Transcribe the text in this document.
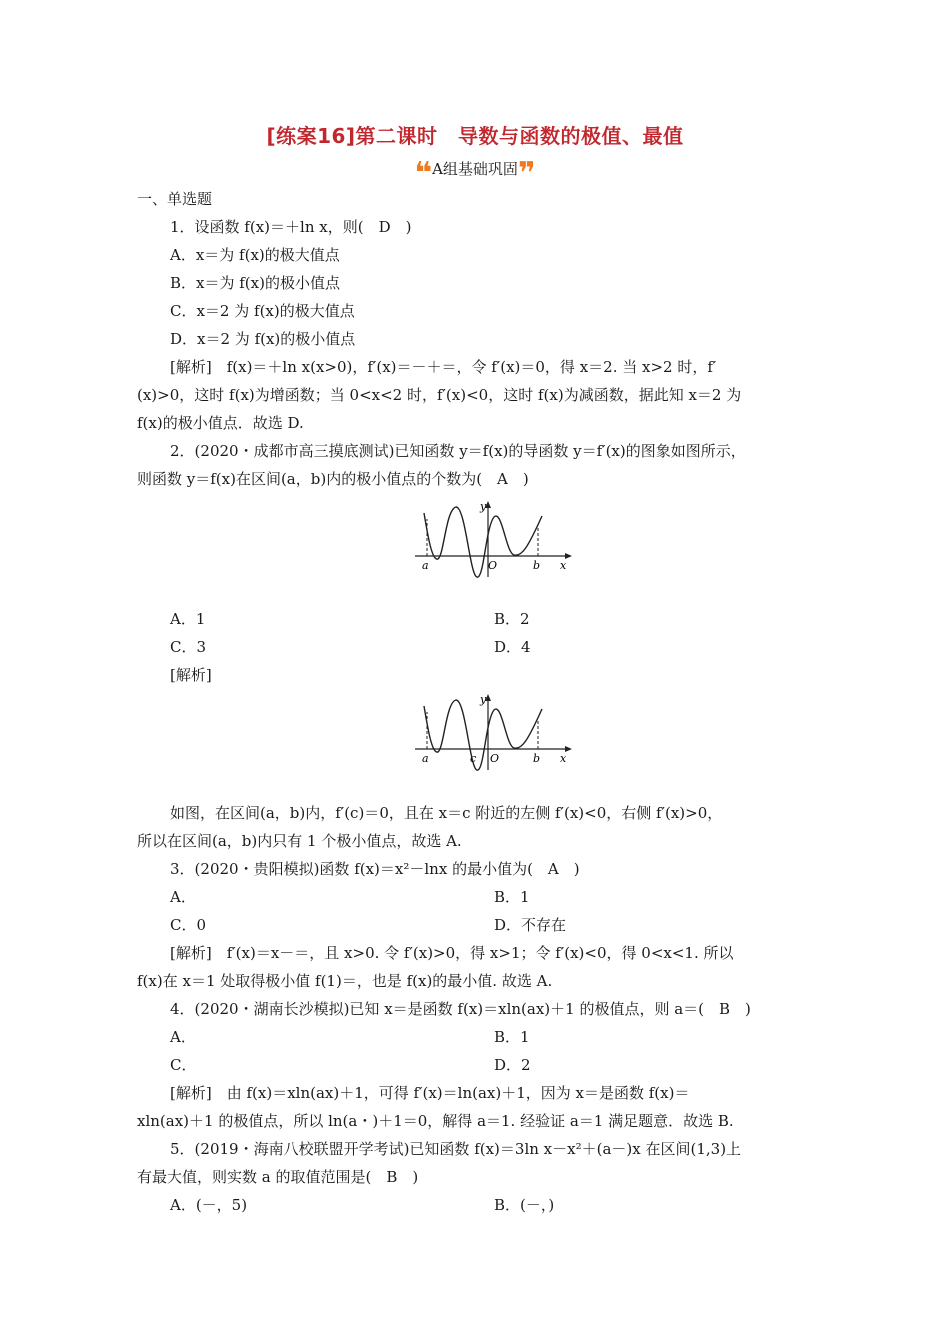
[练案16]第二课时　导数与函数的极值、最值
❝A组基础巩固❞
一、单选题
1．设函数 f(x)＝＋ln x，则(　D　)
A．x＝为 f(x)的极大值点
B．x＝为 f(x)的极小值点
C．x＝2 为 f(x)的极大值点
D．x＝2 为 f(x)的极小值点
[解析]　f(x)＝＋ln x(x>0)，f′(x)＝－＋＝，令 f′(x)＝0，得 x＝2. 当 x>2 时，f′
(x)>0，这时 f(x)为增函数；当 0<x<2 时，f′(x)<0，这时 f(x)为减函数，据此知 x＝2 为
f(x)的极小值点．故选 D.
2．(2020・成都市高三摸底测试)已知函数 y＝f(x)的导函数 y＝f′(x)的图象如图所示，
则函数 y＝f(x)在区间(a，b)内的极小值点的个数为(　A　)
y
x
a	O	b
A．1	B．2
C．3	D．4
[解析]
y
x
a	c O	b
如图，在区间(a，b)内，f′(c)＝0，且在 x＝c 附近的左侧 f′(x)<0，右侧 f′(x)>0，
所以在区间(a，b)内只有 1 个极小值点，故选 A.
3．(2020・贵阳模拟)函数 f(x)＝x²－lnx 的最小值为(　A　)
A．	B．1
C．0	D．不存在
[解析]　f′(x)＝x－＝，且 x>0. 令 f′(x)>0，得 x>1；令 f′(x)<0，得 0<x<1. 所以
f(x)在 x＝1 处取得极小值 f(1)＝，也是 f(x)的最小值. 故选 A.
4．(2020・湖南长沙模拟)已知 x＝是函数 f(x)＝xln(ax)＋1 的极值点，则 a＝(　B　)
A．	B．1
C．	D．2
[解析]　由 f(x)＝xln(ax)＋1，可得 f′(x)＝ln(ax)＋1，因为 x＝是函数 f(x)＝
xln(ax)＋1 的极值点，所以 ln(a・)＋1＝0，解得 a＝1. 经验证 a＝1 满足题意．故选 B.
5．(2019・海南八校联盟开学考试)已知函数 f(x)＝3ln x－x²＋(a－)x 在区间(1,3)上
有最大值，则实数 a 的取值范围是(　B　)
A．(－，5)	B．(－，)
